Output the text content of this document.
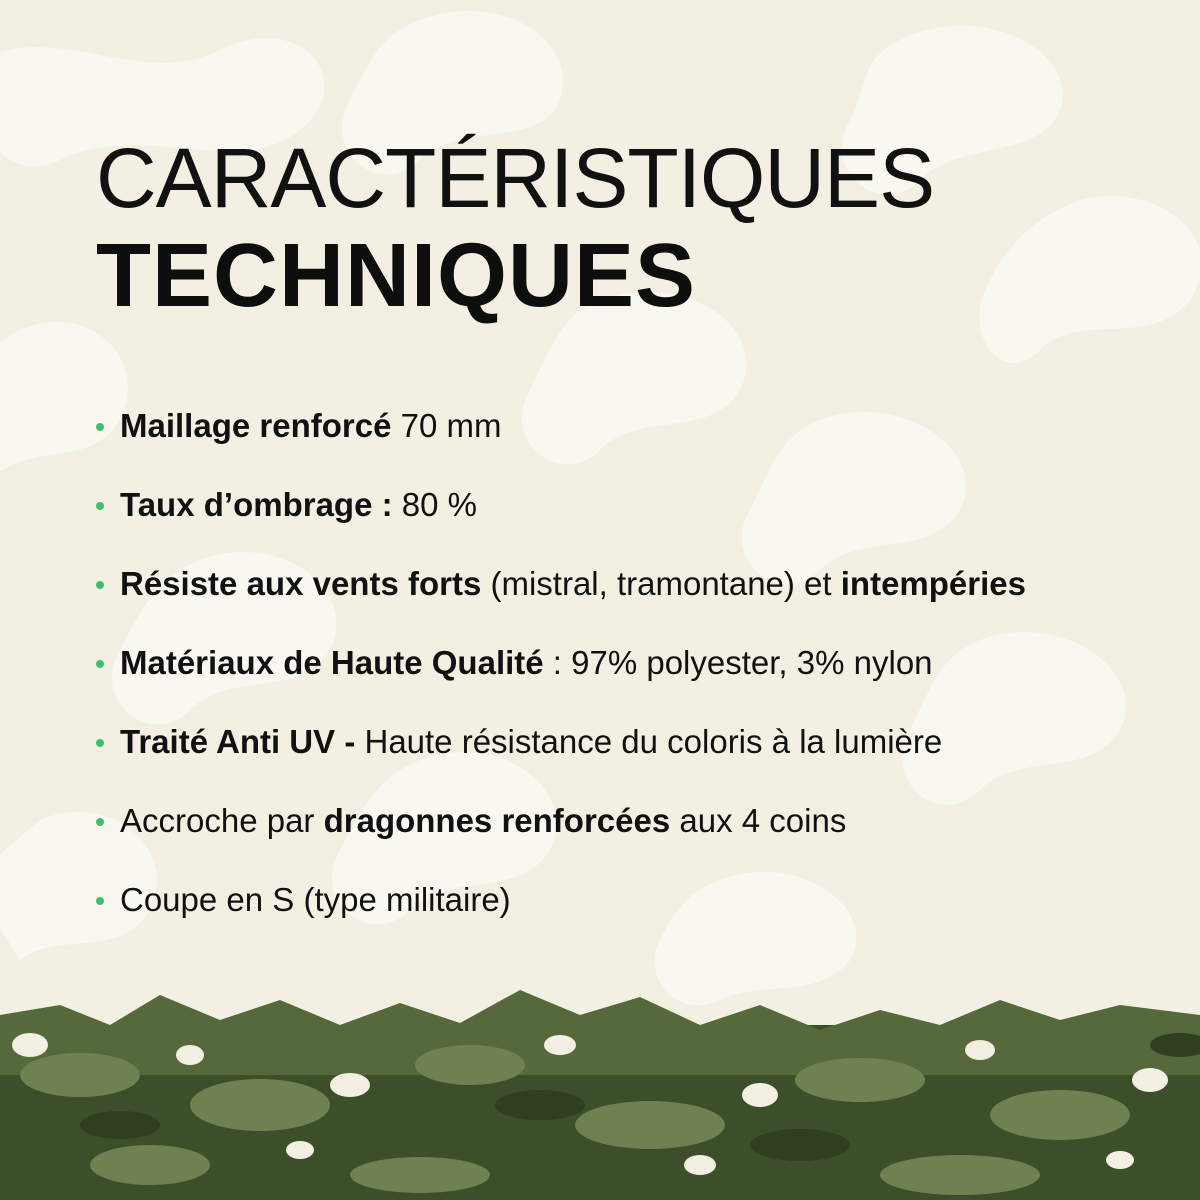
CARACTÉRISTIQUES
TECHNIQUES
Maillage renforcé 70 mm
Taux d’ombrage : 80 %
Résiste aux vents forts (mistral, tramontane) et intempéries
Matériaux de Haute Qualité : 97% polyester, 3% nylon
Traité Anti UV - Haute résistance du coloris à la lumière
Accroche par dragonnes renforcées aux 4 coins
Coupe en S (type militaire)
